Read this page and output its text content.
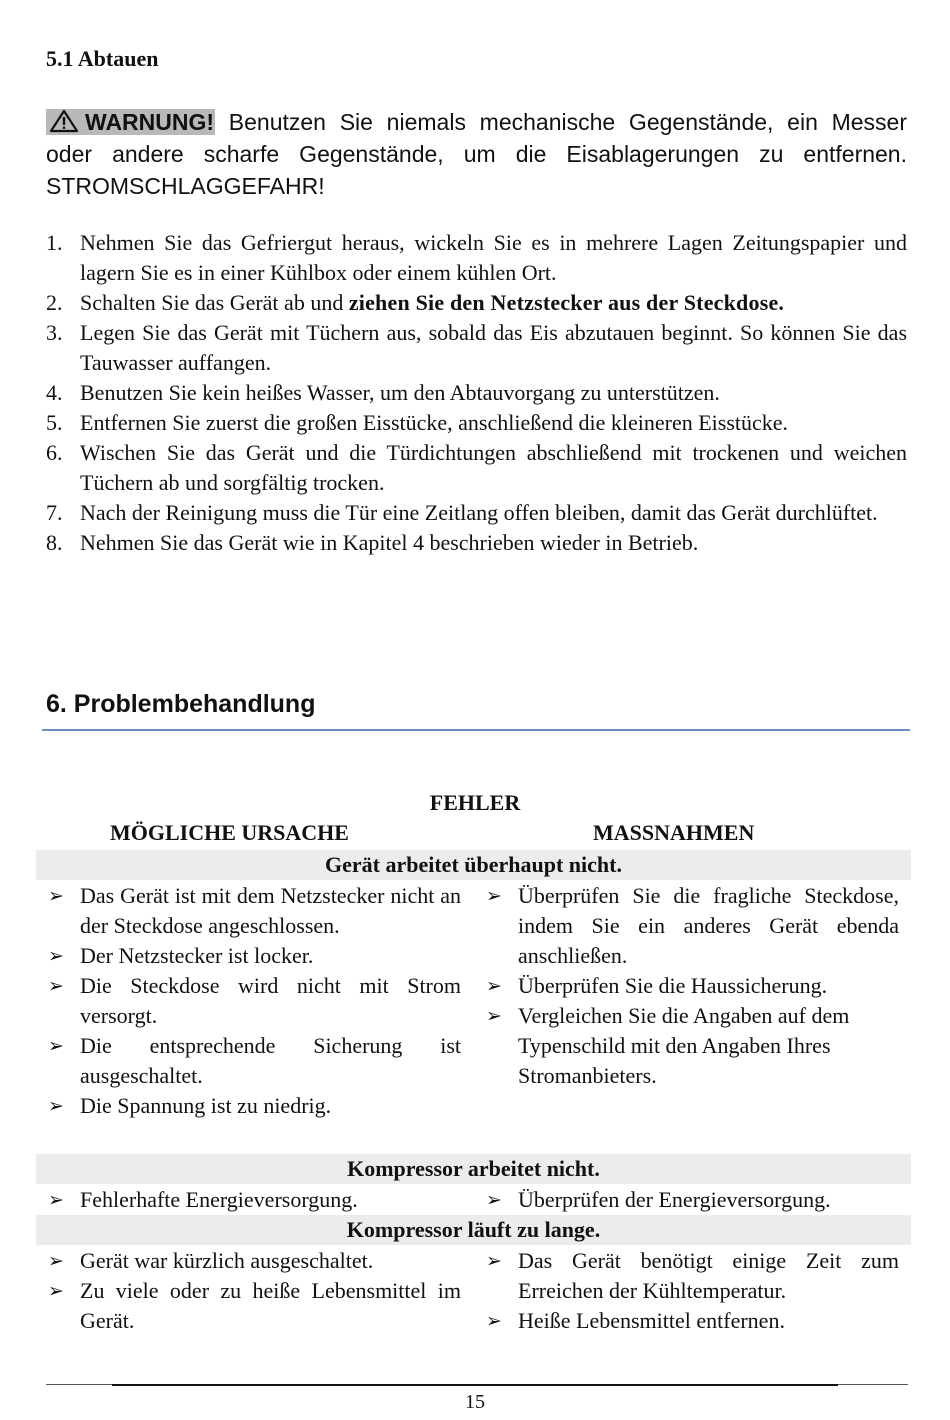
5.1 Abtauen
WARNUNG! Benutzen Sie niemals mechanische Gegenstände, ein Messer oder andere scharfe Gegenstände, um die Eisablagerungen zu entfernen. STROMSCHLAGGEFAHR!
1. Nehmen Sie das Gefriergut heraus, wickeln Sie es in mehrere Lagen Zeitungspapier und lagern Sie es in einer Kühlbox oder einem kühlen Ort.
2. Schalten Sie das Gerät ab und ziehen Sie den Netzstecker aus der Steckdose.
3. Legen Sie das Gerät mit Tüchern aus, sobald das Eis abzutauen beginnt. So können Sie das Tauwasser auffangen.
4. Benutzen Sie kein heißes Wasser, um den Abtauvorgang zu unterstützen.
5. Entfernen Sie zuerst die großen Eisstücke, anschließend die kleineren Eisstücke.
6. Wischen Sie das Gerät und die Türdichtungen abschließend mit trockenen und weichen Tüchern ab und sorgfältig trocken.
7. Nach der Reinigung muss die Tür eine Zeitlang offen bleiben, damit das Gerät durchlüftet.
8. Nehmen Sie das Gerät wie in Kapitel 4 beschrieben wieder in Betrieb.
6. Problembehandlung
FEHLER
MÖGLICHE URSACHE	MASSNAHMEN
Gerät arbeitet überhaupt nicht.
➢ Das Gerät ist mit dem Netzstecker nicht an der Steckdose angeschlossen.
➢ Der Netzstecker ist locker.
➢ Die Steckdose wird nicht mit Strom versorgt.
➢ Die entsprechende Sicherung ist ausgeschaltet.
➢ Die Spannung ist zu niedrig.
➢ Überprüfen Sie die fragliche Steckdose, indem Sie ein anderes Gerät ebenda anschließen.
➢ Überprüfen Sie die Haussicherung.
➢ Vergleichen Sie die Angaben auf dem Typenschild mit den Angaben Ihres Stromanbieters.
Kompressor arbeitet nicht.
➢ Fehlerhafte Energieversorgung.	➢ Überprüfen der Energieversorgung.
Kompressor läuft zu lange.
➢ Gerät war kürzlich ausgeschaltet.
➢ Zu viele oder zu heiße Lebensmittel im Gerät.
➢ Das Gerät benötigt einige Zeit zum Erreichen der Kühltemperatur.
➢ Heiße Lebensmittel entfernen.
15
